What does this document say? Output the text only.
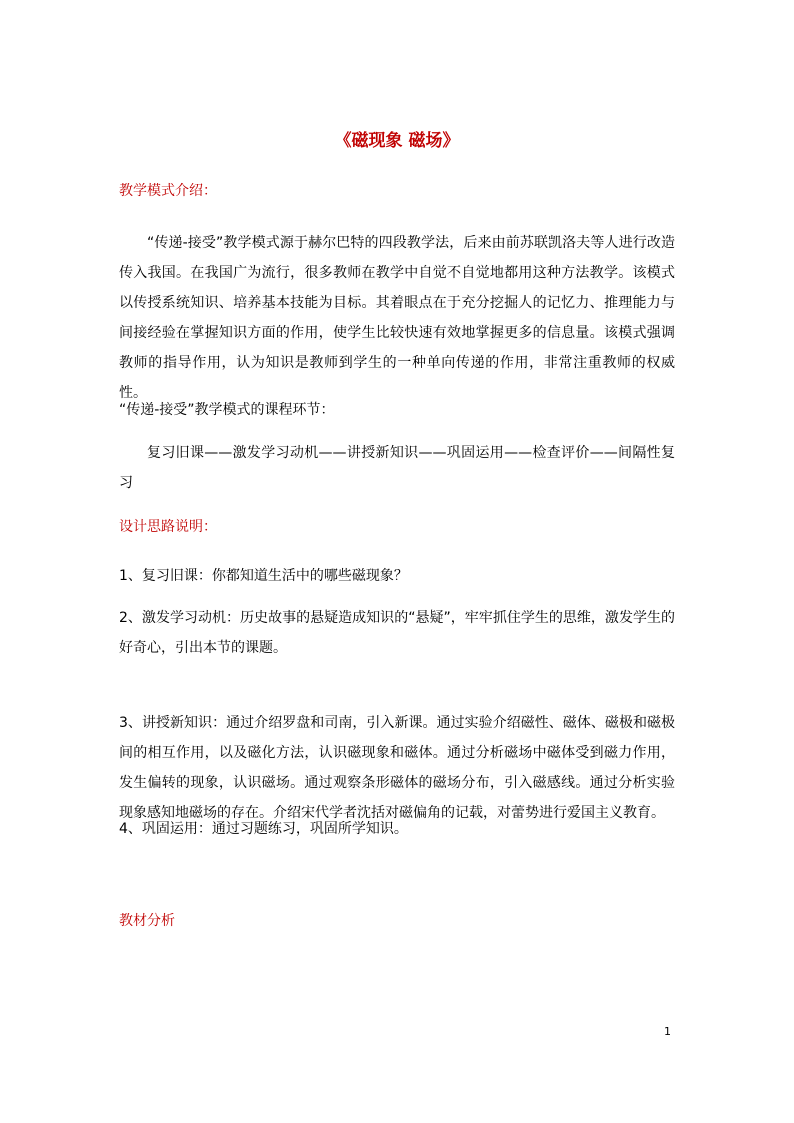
《磁现象 磁场》
教学模式介绍：

“传递-接受”教学模式源于赫尔巴特的四段教学法，后来由前苏联凯洛夫等人进行改造传入我国。在我国广为流行，很多教师在教学中自觉不自觉地都用这种方法教学。该模式以传授系统知识、培养基本技能为目标。其着眼点在于充分挖掘人的记忆力、推理能力与间接经验在掌握知识方面的作用，使学生比较快速有效地掌握更多的信息量。该模式强调教师的指导作用，认为知识是教师到学生的一种单向传递的作用，非常注重教师的权威性。

“传递-接受”教学模式的课程环节：

复习旧课——激发学习动机——讲授新知识——巩固运用——检查评价——间隔性复习

设计思路说明：

1、复习旧课：你都知道生活中的哪些磁现象？

2、激发学习动机：历史故事的悬疑造成知识的“悬疑”，牢牢抓住学生的思维，激发学生的好奇心，引出本节的课题。

3、讲授新知识：通过介绍罗盘和司南，引入新课。通过实验介绍磁性、磁体、磁极和磁极间的相互作用，以及磁化方法，认识磁现象和磁体。通过分析磁场中磁体受到磁力作用，发生偏转的现象，认识磁场。通过观察条形磁体的磁场分布，引入磁感线。通过分析实验现象感知地磁场的存在。介绍宋代学者沈括对磁偏角的记载，对蕾势进行爱国主义教育。

4、巩固运用：通过习题练习，巩固所学知识。

教材分析
1
